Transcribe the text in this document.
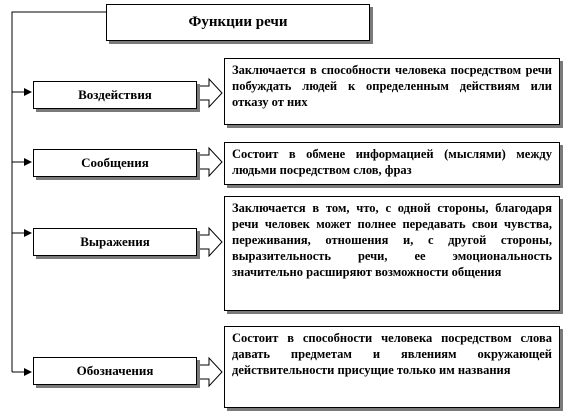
Функции речи
Воздействия
Сообщения
Выражения
Обозначения
Заключается в способности человека посредством речи побуждать людей к определенным действиям или отказу от них
Состоит в обмене информацией (мыслями) между людьми посредством слов, фраз
Заключается в том, что, с одной стороны, благодаря речи человек может полнее передавать свои чувства, переживания, отношения и, с другой стороны, выразительность речи, ее эмоциональность значительно расширяют возможности общения
Состоит в способности человека посредством слова давать предметам и явлениям окружающей действительности присущие только им названия
